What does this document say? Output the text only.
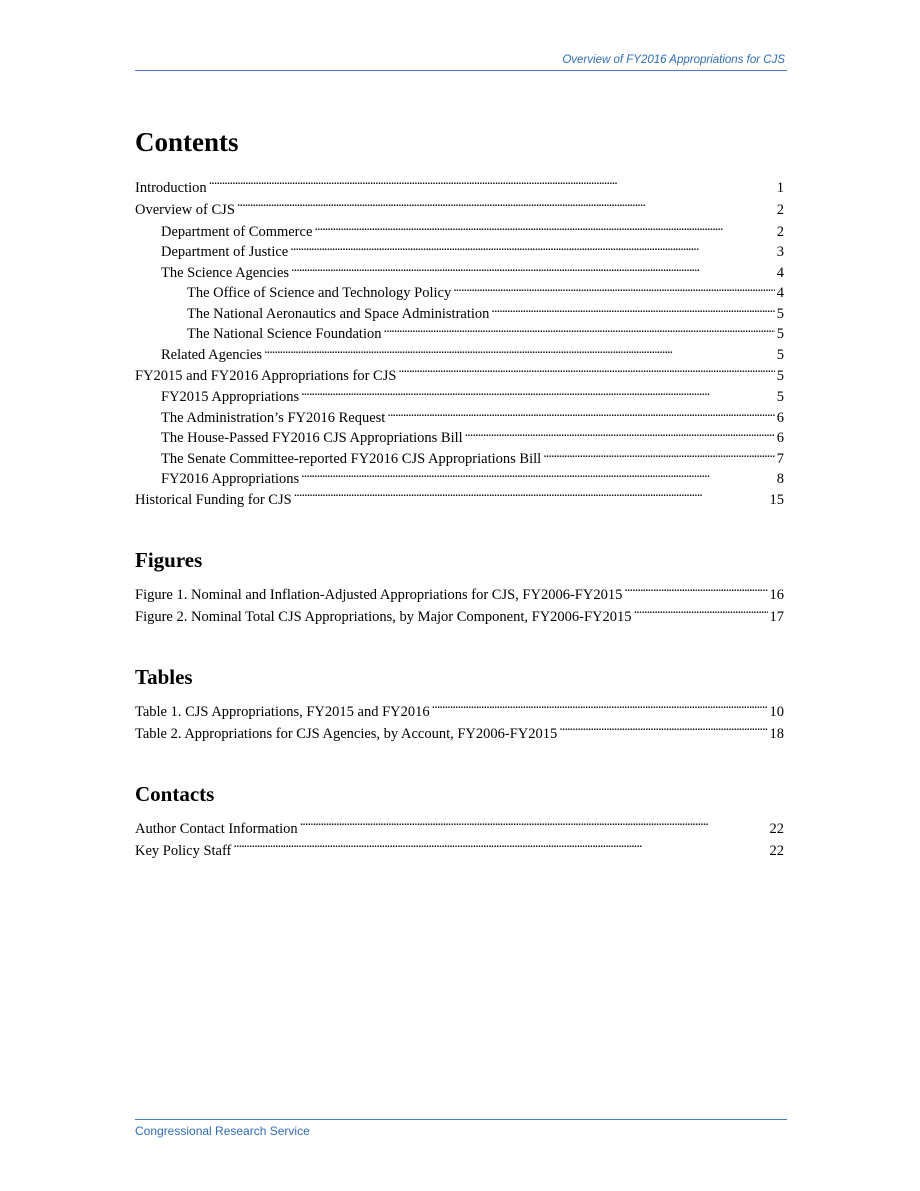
Overview of FY2016 Appropriations for CJS
Contents
Introduction . . .	1
Overview of CJS . . .	2
Department of Commerce . . .	2
Department of Justice . . .	3
The Science Agencies . . .	4
The Office of Science and Technology Policy . . .	4
The National Aeronautics and Space Administration . . .	5
The National Science Foundation . . .	5
Related Agencies . . .	5
FY2015 and FY2016 Appropriations for CJS . . .	5
FY2015 Appropriations . . .	5
The Administration’s FY2016 Request . . .	6
The House-Passed FY2016 CJS Appropriations Bill . . .	6
The Senate Committee-reported FY2016 CJS Appropriations Bill . . .	7
FY2016 Appropriations . . .	8
Historical Funding for CJS . . .	15
Figures
Figure 1. Nominal and Inflation-Adjusted Appropriations for CJS, FY2006-FY2015 . . .	16
Figure 2. Nominal Total CJS Appropriations, by Major Component, FY2006-FY2015 . . .	17
Tables
Table 1. CJS Appropriations, FY2015 and FY2016 . . .	10
Table 2. Appropriations for CJS Agencies, by Account, FY2006-FY2015 . . .	18
Contacts
Author Contact Information . . .	22
Key Policy Staff . . .	22
Congressional Research Service
